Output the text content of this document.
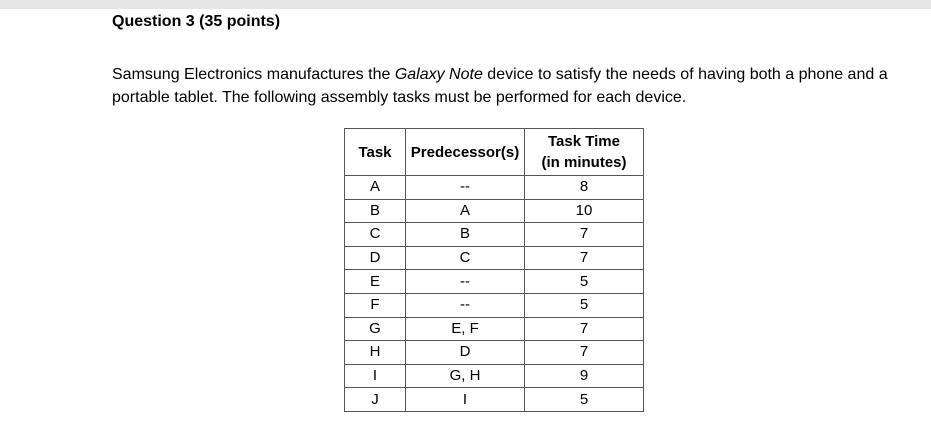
Question 3 (35 points)
Samsung Electronics manufactures the Galaxy Note device to satisfy the needs of having both a phone and a portable tablet. The following assembly tasks must be performed for each device.
Task	Predecessor(s)	Task Time
(in minutes)
A	--	8
B	A	10
C	B	7
D	C	7
E	--	5
F	--	5
G	E, F	7
H	D	7
I	G, H	9
J	I	5
